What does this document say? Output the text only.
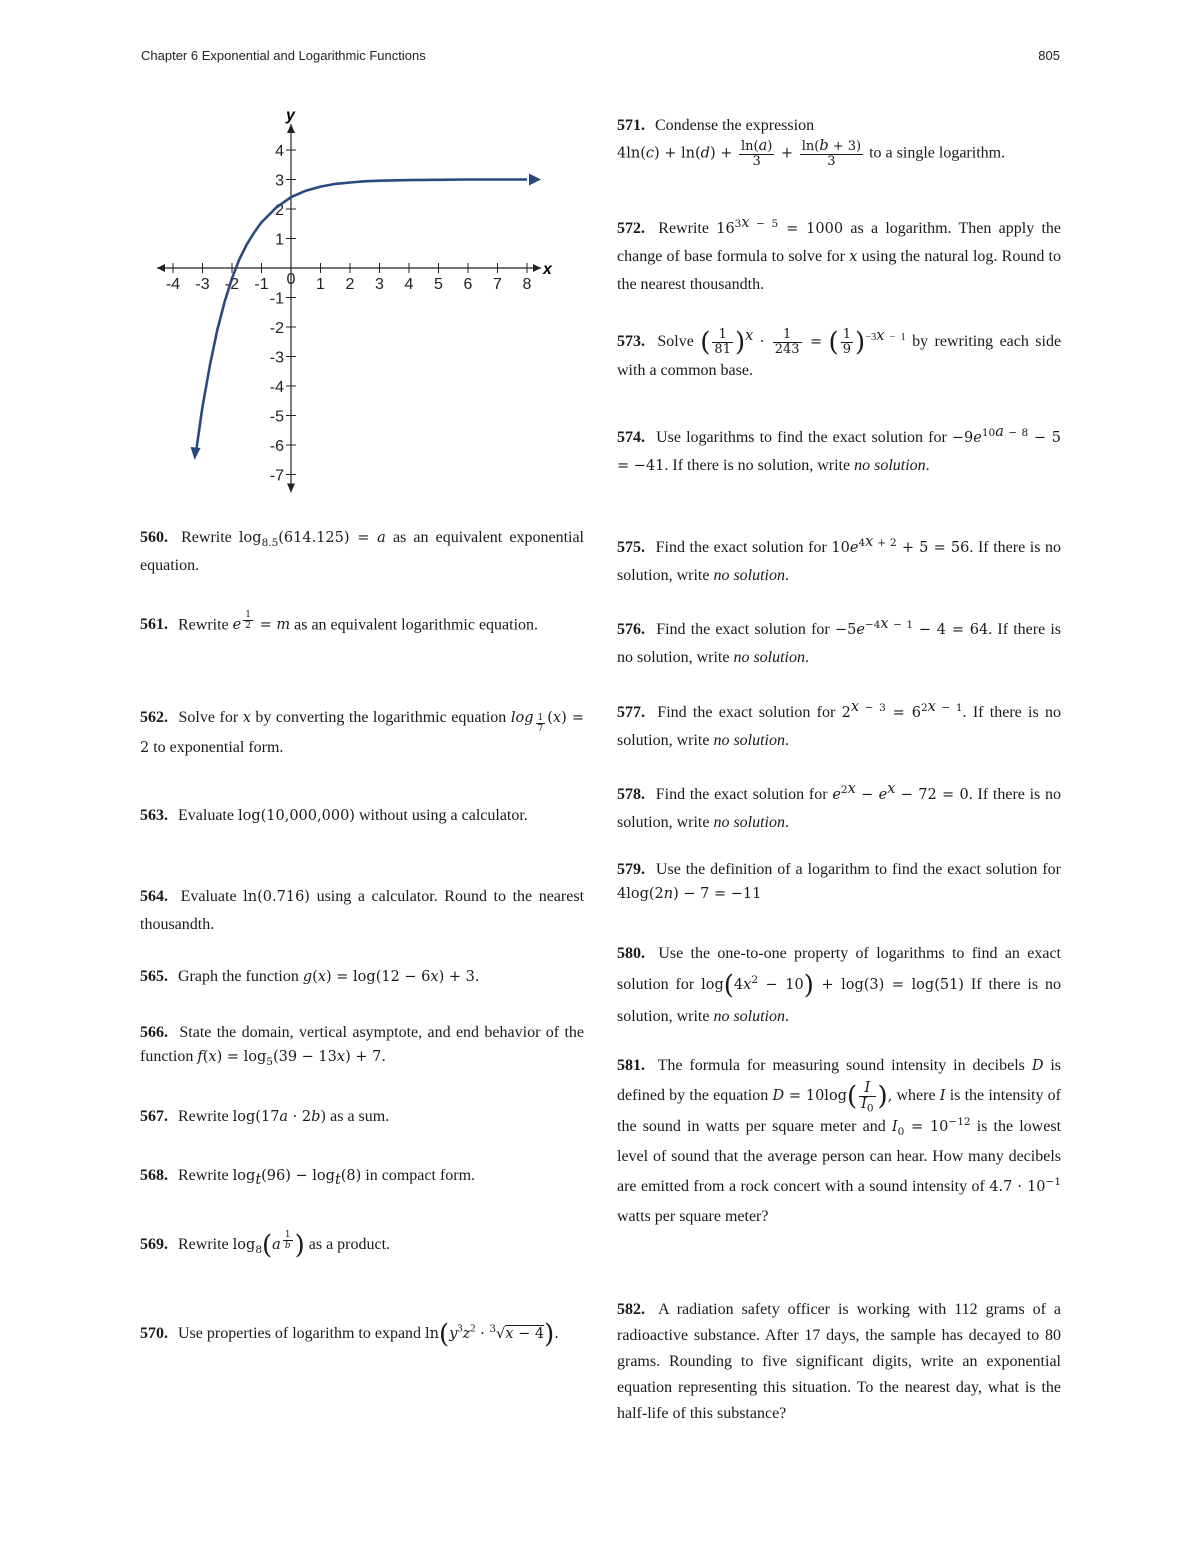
Chapter 6 Exponential and Logarithmic Functions	805
-4 -3 -2 -1 0 1 2 3 4 5 6 7 8
4
3
2
1
-1
-2
-3
-4
-5
-6
-7
x
y
560. Rewrite $\log_{8.5}(614.125) = a$ as an equivalent exponential equation.
561. Rewrite e $^{\frac{1}{2}}$ = m as an equivalent logarithmic equation.
562. Solve for x by converting the logarithmic equation log $_{\frac{1}{7}}$ (x) = 2 to exponential form.
563. Evaluate log(10,000,000) without using a calculator.
564. Evaluate ln(0.716) using a calculator. Round to the nearest thousandth.
565. Graph the function g(x) = log(12 − 6x) + 3.
566. State the domain, vertical asymptote, and end behavior of the function $f(x) = \log_5(39 - 13x) + 7$.
567. Rewrite log(17a · 2b) as a sum.
568. Rewrite $\log_t(96) - \log_t(8)$ in compact form.
569. Rewrite $\log_8(a$ $^{\frac{1}{b}}$ ) as a product.
570. Use properties of logarithm to expand $\ln(y^3z^2 \cdot ^3√x - 4)$.
571. Condense the expression
$4\ln(c) + \ln(d) + \frac{\ln(a)}{3} + \frac{\ln(b + 3)}{3}$ to a single logarithm.
572. Rewrite $16^{3x - 5} = 1000$ as a logarithm. Then apply the change of base formula to solve for x using the natural log. Round to the nearest thousandth.
573. Solve ( $\frac{1}{81} )^x \cdot \frac{1}{243}$ = ( $\frac{1}{9} )^{-3x - 1}$ by rewriting each side with a common base.
574. Use logarithms to find the exact solution for $-9e^{10a - 8} - 5 = -41$. If there is no solution, write no solution.
575. Find the exact solution for $10e^{4x + 2} + 5 = 56$. If there is no solution, write no solution.
576. Find the exact solution for $-5e^{-4x - 1} - 4 = 64$. If there is no solution, write no solution.
577. Find the exact solution for $2^{x - 3} = 6^{2x - 1}$. If there is no solution, write no solution.
578. Find the exact solution for $e^{2x} - e^x - 72 = 0$. If there is no solution, write no solution.
579. Use the definition of a logarithm to find the exact solution for 4log(2n) − 7 = −11
580. Use the one-to-one property of logarithms to find an exact solution for $\log(4x^2 - 10) + \log(3) = \log(51)$ If there is no solution, write no solution.
581. The formula for measuring sound intensity in decibels D is defined by the equation $D = 10\log( \frac{I}{I_0}$ ), where I is the intensity of the sound in watts per square meter and $I_0 = 10^{-12}$ is the lowest level of sound that the average person can hear. How many decibels are emitted from a rock concert with a sound intensity of $4.7 \cdot 10^{-1}$ watts per square meter?
582. A radiation safety officer is working with 112 grams of a radioactive substance. After 17 days, the sample has decayed to 80 grams. Rounding to five significant digits, write an exponential equation representing this situation. To the nearest day, what is the half-life of this substance?
